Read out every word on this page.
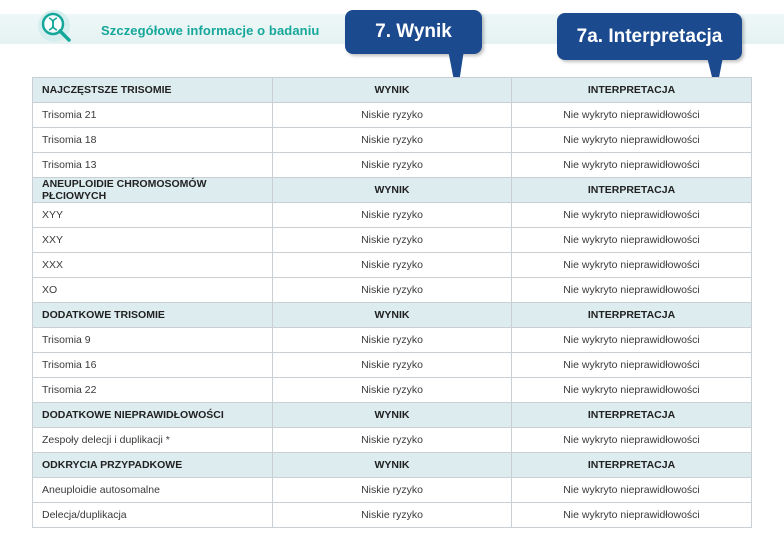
Szczegółowe informacje o badaniu	7. Wynik	7a. Interpretacja
NAJCZĘSTSZE TRISOMIE	WYNIK	INTERPRETACJA
Trisomia 21	Niskie ryzyko	Nie wykryto nieprawidłowości
Trisomia 18	Niskie ryzyko	Nie wykryto nieprawidłowości
Trisomia 13	Niskie ryzyko	Nie wykryto nieprawidłowości
ANEUPLOIDIE CHROMOSOMÓW PŁCIOWYCH	WYNIK	INTERPRETACJA
XYY	Niskie ryzyko	Nie wykryto nieprawidłowości
XXY	Niskie ryzyko	Nie wykryto nieprawidłowości
XXX	Niskie ryzyko	Nie wykryto nieprawidłowości
XO	Niskie ryzyko	Nie wykryto nieprawidłowości
DODATKOWE TRISOMIE	WYNIK	INTERPRETACJA
Trisomia 9	Niskie ryzyko	Nie wykryto nieprawidłowości
Trisomia 16	Niskie ryzyko	Nie wykryto nieprawidłowości
Trisomia 22	Niskie ryzyko	Nie wykryto nieprawidłowości
DODATKOWE NIEPRAWIDŁOWOŚCI	WYNIK	INTERPRETACJA
Zespoły delecji i duplikacji *	Niskie ryzyko	Nie wykryto nieprawidłowości
ODKRYCIA PRZYPADKOWE	WYNIK	INTERPRETACJA
Aneuploidie autosomalne	Niskie ryzyko	Nie wykryto nieprawidłowości
Delecja/duplikacja	Niskie ryzyko	Nie wykryto nieprawidłowości
